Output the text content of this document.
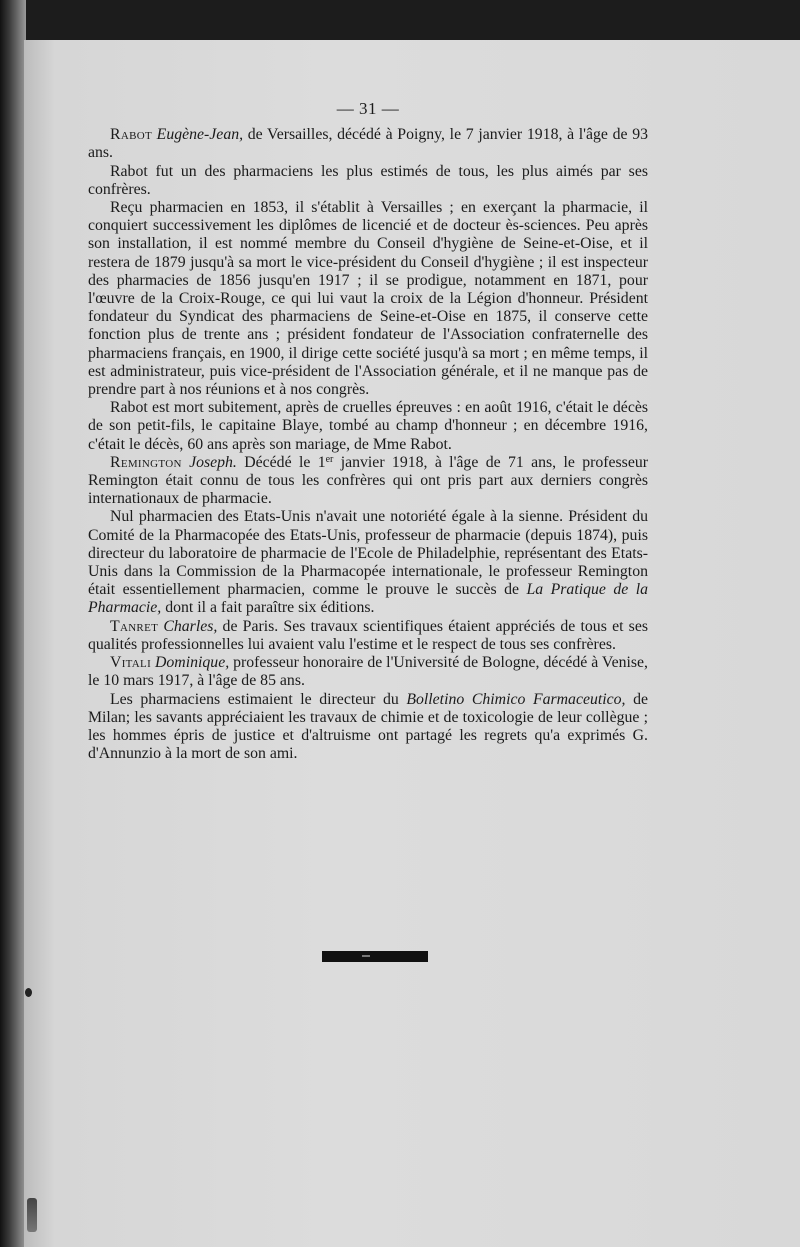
— 31 —

Rabot Eugène-Jean, de Versailles, décédé à Poigny, le 7 janvier 1918, à l'âge de 93 ans.

Rabot fut un des pharmaciens les plus estimés de tous, les plus aimés par ses confrères.

Reçu pharmacien en 1853, il s'établit à Versailles ; en exerçant la pharmacie, il conquiert successivement les diplômes de licencié et de docteur ès-sciences. Peu après son installation, il est nommé membre du Conseil d'hygiène de Seine-et-Oise, et il restera de 1879 jusqu'à sa mort le vice-président du Conseil d'hygiène ; il est inspecteur des pharmacies de 1856 jusqu'en 1917 ; il se prodigue, notamment en 1871, pour l'œuvre de la Croix-Rouge, ce qui lui vaut la croix de la Légion d'honneur. Président fondateur du Syndicat des pharmaciens de Seine-et-Oise en 1875, il conserve cette fonction plus de trente ans ; président fondateur de l'Association confraternelle des pharmaciens français, en 1900, il dirige cette société jusqu'à sa mort ; en même temps, il est administrateur, puis vice-président de l'Association générale, et il ne manque pas de prendre part à nos réunions et à nos congrès.

Rabot est mort subitement, après de cruelles épreuves : en août 1916, c'était le décès de son petit-fils, le capitaine Blaye, tombé au champ d'honneur ; en décembre 1916, c'était le décès, 60 ans après son mariage, de Mme Rabot.

Remington Joseph. Décédé le 1er janvier 1918, à l'âge de 71 ans, le professeur Remington était connu de tous les confrères qui ont pris part aux derniers congrès internationaux de pharmacie.

Nul pharmacien des Etats-Unis n'avait une notoriété égale à la sienne. Président du Comité de la Pharmacopée des Etats-Unis, professeur de pharmacie (depuis 1874), puis directeur du laboratoire de pharmacie de l'Ecole de Philadelphie, représentant des Etats-Unis dans la Commission de la Pharmacopée internationale, le professeur Remington était essentiellement pharmacien, comme le prouve le succès de La Pratique de la Pharmacie, dont il a fait paraître six éditions.

Tanret Charles, de Paris. Ses travaux scientifiques étaient appréciés de tous et ses qualités professionnelles lui avaient valu l'estime et le respect de tous ses confrères.

Vitali Dominique, professeur honoraire de l'Université de Bologne, décédé à Venise, le 10 mars 1917, à l'âge de 85 ans.

Les pharmaciens estimaient le directeur du Bolletino Chimico Farmaceutico, de Milan; les savants appréciaient les travaux de chimie et de toxicologie de leur collègue ; les hommes épris de justice et d'altruisme ont partagé les regrets qu'a exprimés G. d'Annunzio à la mort de son ami.
